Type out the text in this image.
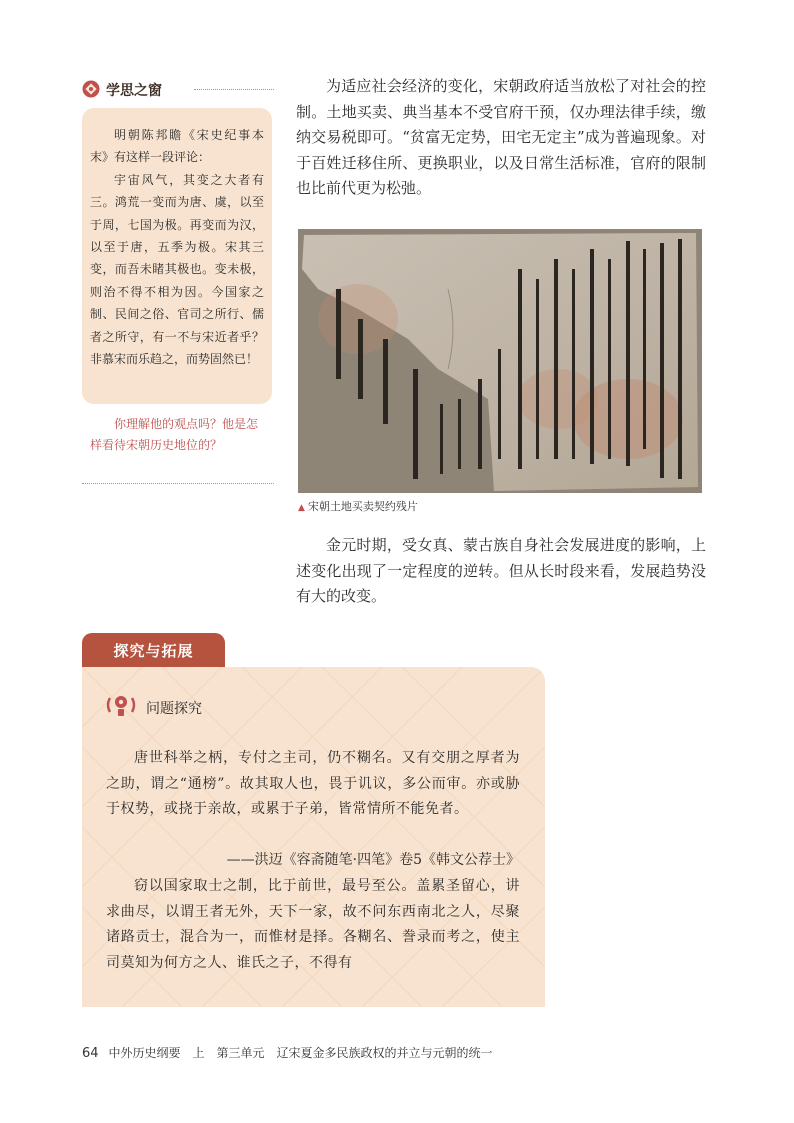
学思之窗

明朝陈邦瞻《宋史纪事本末》有这样一段评论：

宇宙风气，其变之大者有三。鸿荒一变而为唐、虞，以至于周，七国为极。再变而为汉，以至于唐，五季为极。宋其三变，而吾未睹其极也。变未极，则治不得不相为因。今国家之制、民间之俗、官司之所行、儒者之所守，有一不与宋近者乎？非慕宋而乐趋之，而势固然已！

你理解他的观点吗？他是怎样看待宋朝历史地位的？

为适应社会经济的变化，宋朝政府适当放松了对社会的控制。土地买卖、典当基本不受官府干预，仅办理法律手续，缴纳交易税即可。“贫富无定势，田宅无定主”成为普遍现象。对于百姓迁移住所、更换职业，以及日常生活标准，官府的限制也比前代更为松弛。

▲ 宋朝土地买卖契约残片

金元时期，受女真、蒙古族自身社会发展进度的影响，上述变化出现了一定程度的逆转。但从长时段来看，发展趋势没有大的改变。

探究与拓展

问题探究

唐世科举之柄，专付之主司，仍不糊名。又有交朋之厚者为之助，谓之“通榜”。故其取人也，畏于讥议，多公而审。亦或胁于权势，或挠于亲故，或累于子弟，皆常情所不能免者。

——洪迈《容斋随笔·四笔》卷5《韩文公荐士》

窃以国家取士之制，比于前世，最号至公。盖累圣留心，讲求曲尽，以谓王者无外，天下一家，故不问东西南北之人，尽聚诸路贡士，混合为一，而惟材是择。各糊名、誊录而考之，使主司莫知为何方之人、谁氏之子，不得有

64 中外历史纲要　上　第三单元　辽宋夏金多民族政权的并立与元朝的统一
